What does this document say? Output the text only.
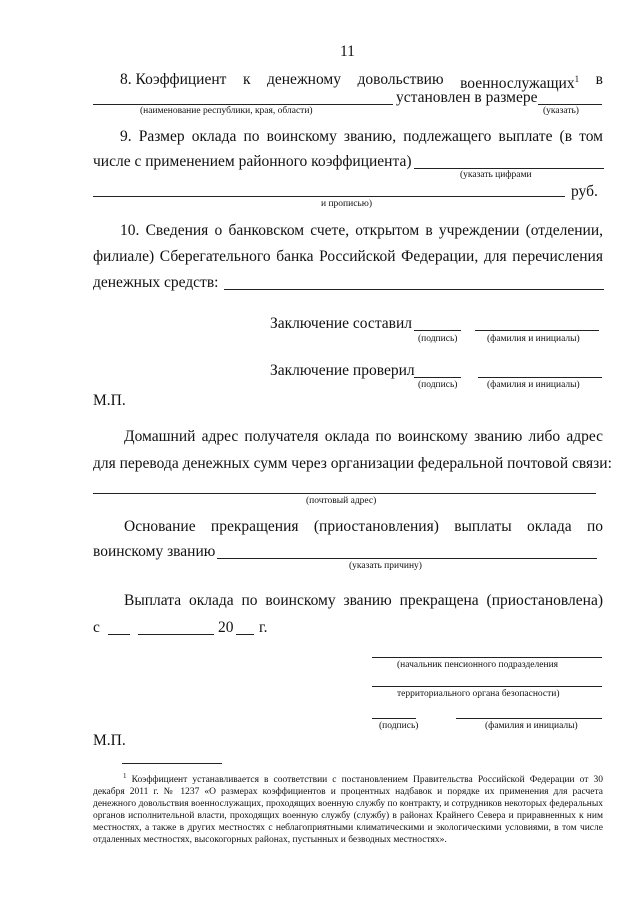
11
8. Коэффициент к денежному довольствию военнослужащих$^1$ в
установлен в размере
(наименование республики, края, области)	(указать)
9. Размер оклада по воинскому званию, подлежащего выплате (в том
числе с применением районного коэффициента)
(указать цифрами
руб.
и прописью)
10. Сведения о банковском счете, открытом в учреждении (отделении,
филиале) Сберегательного банка Российской Федерации, для перечисления
денежных средств:
Заключение составил
(подпись)	(фамилия и инициалы)
Заключение проверил
(подпись)	(фамилия и инициалы)
М.П.
Домашний адрес получателя оклада по воинскому званию либо адрес
для перевода денежных сумм через организации федеральной почтовой связи:
(почтовый адрес)
Основание прекращения (приостановления) выплаты оклада по
воинскому званию
(указать причину)
Выплата оклада по воинскому званию прекращена (приостановлена)
с	20 г.
(начальник пенсионного подразделения
территориального органа безопасности)
(подпись)	(фамилия и инициалы)
М.П.
$^1$ Коэффициент устанавливается в соответствии с постановлением Правительства Российской Федерации от 30 декабря 2011 г. № 1237 «О размерах коэффициентов и процентных надбавок и порядке их применения для расчета денежного довольствия военнослужащих, проходящих военную службу по контракту, и сотрудников некоторых федеральных органов исполнительной власти, проходящих военную службу (службу) в районах Крайнего Севера и приравненных к ним местностях, а также в других местностях с неблагоприятными климатическими и экологическими условиями, в том числе отдаленных местностях, высокогорных районах, пустынных и безводных местностях».
